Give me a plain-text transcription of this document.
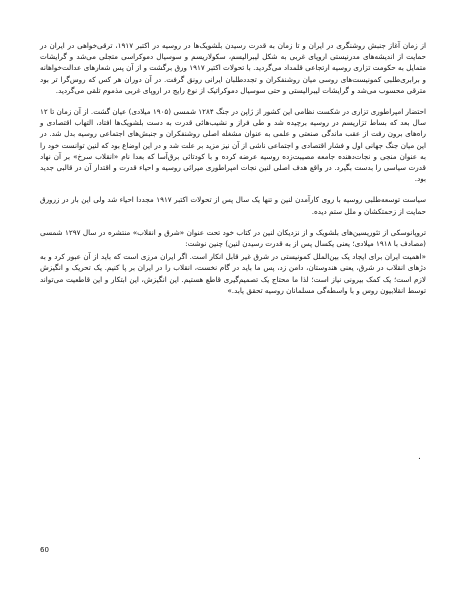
از زمان آغاز جنبش روشنگری در ایران و تا زمان به قدرت رسیدن بلشویک‌ها در روسیه در اکتبر ۱۹۱۷، ترقی‌خواهی در ایران در حمایت از اندیشه‌های مدرنیستی اروپای غربی به شکل لیبرالیسم، سکولاریسم و سوسیال دموکراسی متجلی می‌شد و گرایشات متمایل به حکومت تزاری روسیه ارتجاعی قلمداد می‌گردید. با تحولات اکتبر ۱۹۱۷ ورق برگشت و از آن پس شعارهای عدالت‌خواهانه و برابری‌طلبی کمونیست‌های روسی میان روشنفکران و تجددطلبان ایرانی رونق گرفت. در آن دوران هر کس که روس‌گرا تر بود مترقی محسوب می‌شد و گرایشات لیبرالیستی و حتی سوسیال دموکراتیک از نوع رایج در اروپای غربی مذموم تلقی می‌گردید.

احتضار امپراطوری تزاری در شکست نظامی این کشور از ژاپن در جنگ ۱۲۸۴ شمسی (۱۹۰۵ میلادی) عیان گشت. از آن زمان تا ۱۲ سال بعد که بساط تزاریسم در روسیه برچیده شد و طی فراز و نشیب‌هائی قدرت به دست بلشویک‌ها افتاد، التهاب اقتصادی و راه‌های برون رفت از عقب ماندگی صنعتی و علمی به عنوان مشغله اصلی روشنفکران و جنبش‌های اجتماعی روسیه بدل شد. در این میان جنگ جهانی اول و فشار اقتصادی و اجتماعی ناشی از آن نیز مزید بر علت شد و در این اوضاع بود که لنین توانست خود را به عنوان منجی و نجات‌دهنده جامعه مصیبت‌زده روسیه عرضه کرده و با کودتائی برق‌آسا که بعدا نام «انقلاب سرخ» بر آن نهاد قدرت سیاسی را بدست بگیرد. در واقع هدف اصلی لنین نجات امپراطوری میراثی روسیه و احیاء قدرت و اقتدار آن در قالبی جدید بود.

سیاست توسعه‌طلبی روسیه با روی کارآمدن لنین و تنها یک سال پس از تحولات اکتبر ۱۹۱۷ مجددا احیاء شد ولی این بار در زرورق حمایت از زحمتکشان و ملل ستم دیده.

تروپانوسکی از تئوریسین‌های بلشویک و از نزدیکان لنین در کتاب خود تحت عنوان «شرق و انقلاب» منتشره در سال ۱۲۹۷ شمسی (مصادف با ۱۹۱۸ میلادی؛ یعنی یکسال پس از به قدرت رسیدن لنین) چنین نوشت:

«اهمیت ایران برای ایجاد یک بین‌الملل کمونیستی در شرق غیر قابل انکار است. اگر ایران مرزی است که باید از آن عبور کرد و به دژهای انقلاب در شرق، یعنی هندوستان، دامن زد، پس ما باید در گام نخست، انقلاب را در ایران بر پا کنیم. یک تحریک و انگیزش لازم است؛ یک کمک بیرونی نیاز است؛ لذا ما محتاج یک تصمیم‌گیری قاطع هستیم. این انگیزش، این ابتکار و این قاطعیت می‌تواند توسط انقلابیون روس و با واسطه‌گی مسلمانان روسیه تحقق یابد.»

.
60
